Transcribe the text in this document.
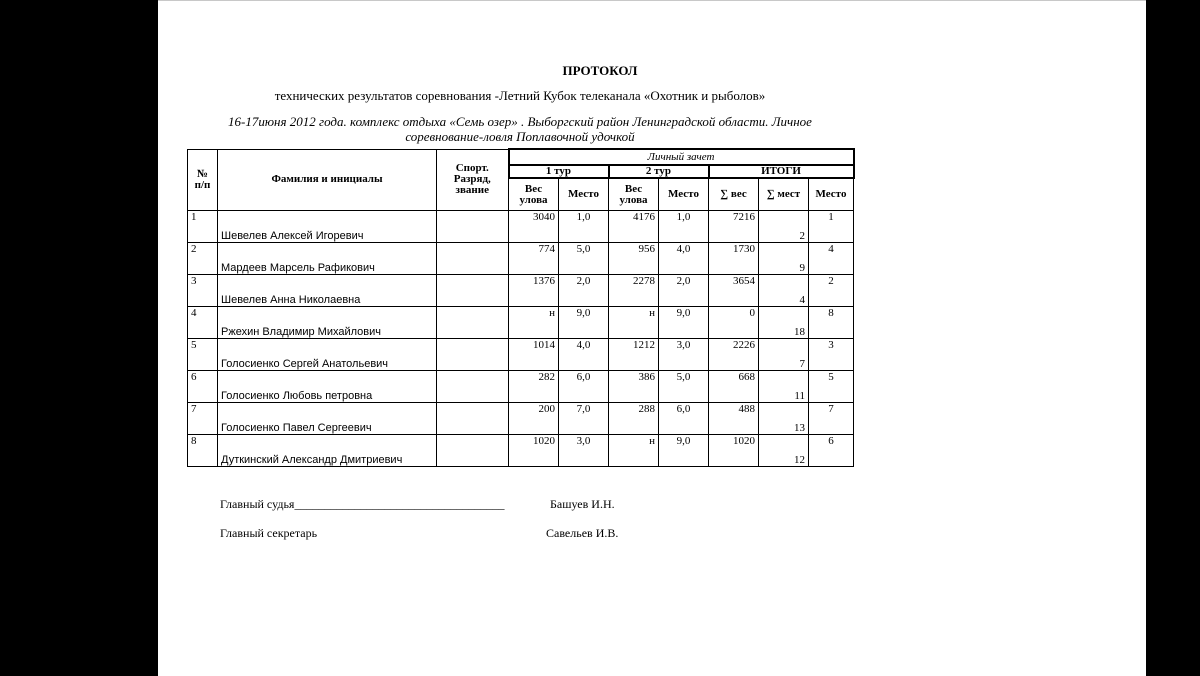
ПРОТОКОЛ
технических результатов соревнования -Летний Кубок телеканала «Охотник и рыболов»
16-17июня 2012 года. комплекс отдыха «Семь озер» . Выборгский район Ленинградской области. Личное соревнование-ловля Поплавочной удочкой
№ п/п	Фамилия и инициалы	Спорт. Разряд, звание	Личный зачет						
			1 тур		2 тур		ИТОГИ		
			Вес улова	Место	Вес улова	Место	∑ вес	∑ мест	Место
1	Шевелев Алексей Игоревич		3040	1,0	4176	1,0	7216	2	1
2	Мардеев Марсель Рафикович		774	5,0	956	4,0	1730	9	4
3	Шевелев Анна Николаевна		1376	2,0	2278	2,0	3654	4	2
4	Ржехин Владимир Михайлович		н	9,0	н	9,0	0	18	8
5	Голосиенко Сергей Анатольевич		1014	4,0	1212	3,0	2226	7	3
6	Голосиенко Любовь петровна		282	6,0	386	5,0	668	11	5
7	Голосиенко Павел Сергеевич		200	7,0	288	6,0	488	13	7
8	Дуткинский Александр Дмитриевич		1020	3,0	н	9,0	1020	12	6
Главный судья___________________________________	Башуев И.Н.
Главный секретарь	Савельев И.В.
